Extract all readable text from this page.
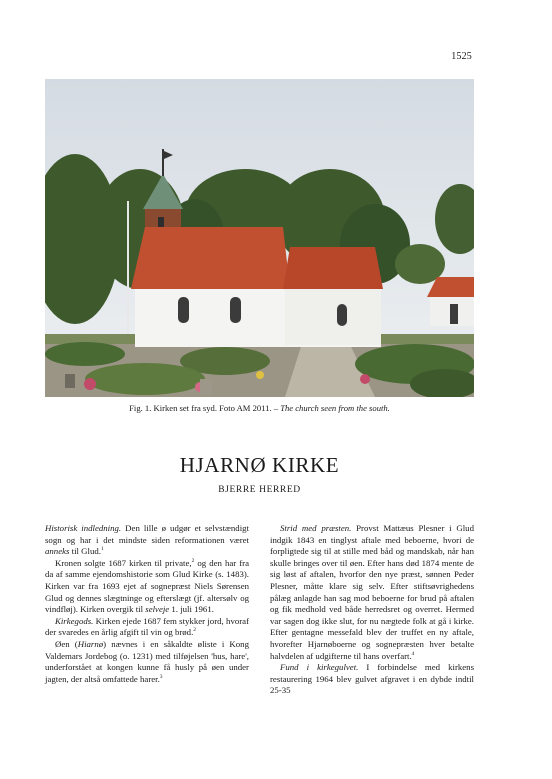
1525
Fig. 1. Kirken set fra syd. Foto AM 2011. – The church seen from the south.
HJARNØ KIRKE
BJERRE HERRED

Historisk indledning. Den lille ø udgør et selvstændigt sogn og har i det mindste siden reformationen været anneks til Glud.$^1$

Kronen solgte 1687 kirken til private,$^2$ og den har fra da af samme ejendomshistorie som Glud Kirke (s. 1483). Kirken var fra 1693 ejet af sognepræst Niels Sørensen Glud og dennes slægtninge og efterslægt (jf. altersølv og vindfløj). Kirken overgik til selveje 1. juli 1961.

Kirkegods. Kirken ejede 1687 fem stykker jord, hvoraf der svaredes en årlig afgift til vin og brød.$^2$

Øen (Hiarnø) nævnes i en såkaldte øliste i Kong Valdemars Jordebog (o. 1231) med tilføjelsen 'hus, hare', underforstået at kongen kunne få husly på øen under jagten, der altså omfattede harer.$^3$

Strid med præsten. Provst Mattæus Plesner i Glud indgik 1843 en tinglyst aftale med beboerne, hvori de forpligtede sig til at stille med båd og mandskab, når han skulle bringes over til øen. Efter hans død 1874 mente de sig løst af aftalen, hvorfor den nye præst, sønnen Peder Plesner, måtte klare sig selv. Efter stiftsøvrighedens pålæg anlagde han sag mod beboerne for brud på aftalen og fik medhold ved både herredsret og overret. Hermed var sagen dog ikke slut, for nu nægtede folk at gå i kirke. Efter gentagne messefald blev der truffet en ny aftale, hvorefter Hjarnøboerne og sognepræsten hver betalte halvdelen af udgifterne til hans overfart.$^4$

Fund i kirkegulvet. I forbindelse med kirkens restaurering 1964 blev gulvet afgravet i en dybde indtil 25-35
